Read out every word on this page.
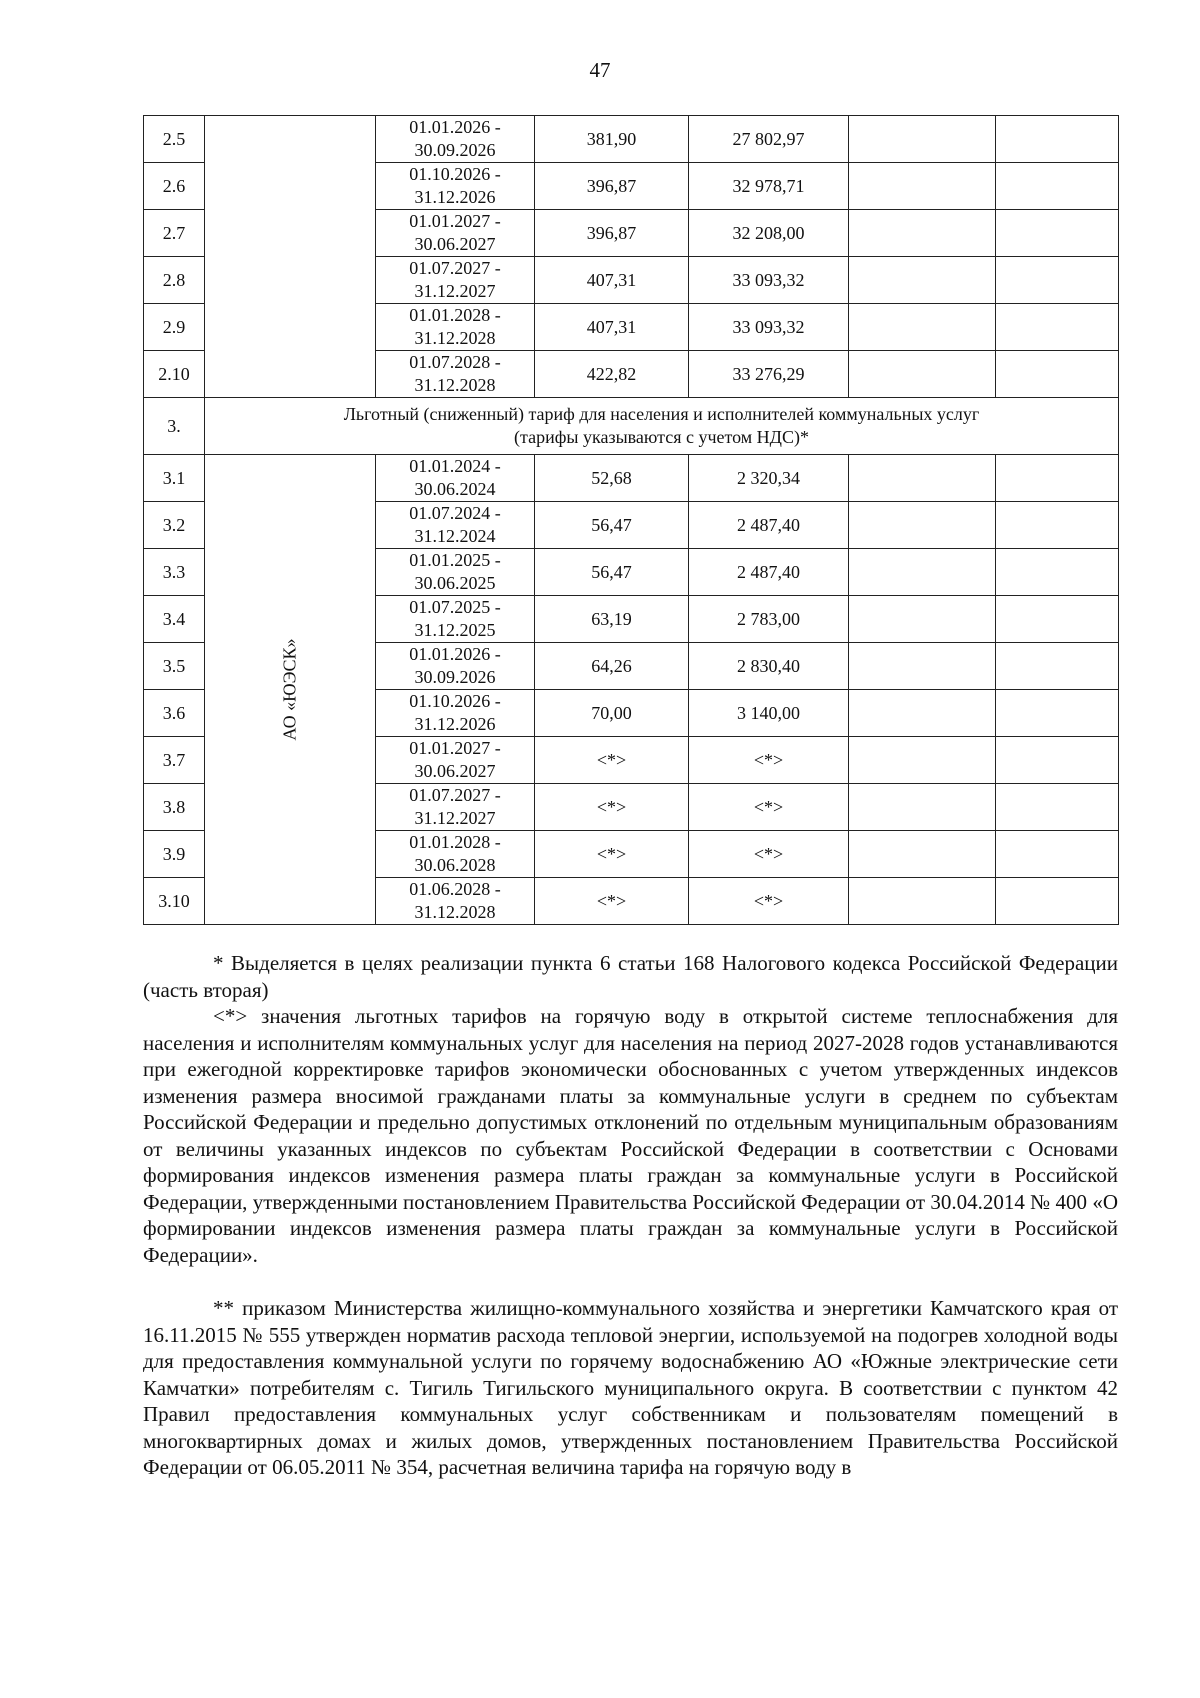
47
2.5		01.01.2026 -
30.09.2026	381,90	27 802,97		
2.6		01.10.2026 -
31.12.2026	396,87	32 978,71		
2.7		01.01.2027 -
30.06.2027	396,87	32 208,00		
2.8		01.07.2027 -
31.12.2027	407,31	33 093,32		
2.9		01.01.2028 -
31.12.2028	407,31	33 093,32		
2.10		01.07.2028 -
31.12.2028	422,82	33 276,29		
3.	Льготный (сниженный) тариф для населения и исполнителей коммунальных услуг
(тарифы указываются с учетом НДС)*					

3.1	АО «ЮЭСК»	01.01.2024 -
30.06.2024	52,68	2 320,34		
3.2		01.07.2024 -
31.12.2024	56,47	2 487,40		
3.3		01.01.2025 -
30.06.2025	56,47	2 487,40		
3.4		01.07.2025 -
31.12.2025	63,19	2 783,00		
3.5		01.01.2026 -
30.09.2026	64,26	2 830,40		
3.6		01.10.2026 -
31.12.2026	70,00	3 140,00		
3.7		01.01.2027 -
30.06.2027	<*>	<*>		
3.8		01.07.2027 -
31.12.2027	<*>	<*>		
3.9		01.01.2028 -
30.06.2028	<*>	<*>		
3.10		01.06.2028 -
31.12.2028	<*>	<*>		

* Выделяется в целях реализации пункта 6 статьи 168 Налогового кодекса Российской Федерации (часть вторая)

<*> значения льготных тарифов на горячую воду в открытой системе теплоснабжения для населения и исполнителям коммунальных услуг для населения на период 2027-2028 годов устанавливаются при ежегодной корректировке тарифов экономически обоснованных с учетом утвержденных индексов изменения размера вносимой гражданами платы за коммунальные услуги в среднем по субъектам Российской Федерации и предельно допустимых отклонений по отдельным муниципальным образованиям от величины указанных индексов по субъектам Российской Федерации в соответствии с Основами формирования индексов изменения размера платы граждан за коммунальные услуги в Российской Федерации, утвержденными постановлением Правительства Российской Федерации от 30.04.2014 № 400 «О формировании индексов изменения размера платы граждан за коммунальные услуги в Российской Федерации».

** приказом Министерства жилищно-коммунального хозяйства и энергетики Камчатского края от 16.11.2015 № 555 утвержден норматив расхода тепловой энергии, используемой на подогрев холодной воды для предоставления коммунальной услуги по горячему водоснабжению АО «Южные электрические сети Камчатки» потребителям с. Тигиль Тигильского муниципального округа. В соответствии с пунктом 42 Правил предоставления коммунальных услуг собственникам и пользователям помещений в многоквартирных домах и жилых домов, утвержденных постановлением Правительства Российской Федерации от 06.05.2011 № 354, расчетная величина тарифа на горячую воду в
